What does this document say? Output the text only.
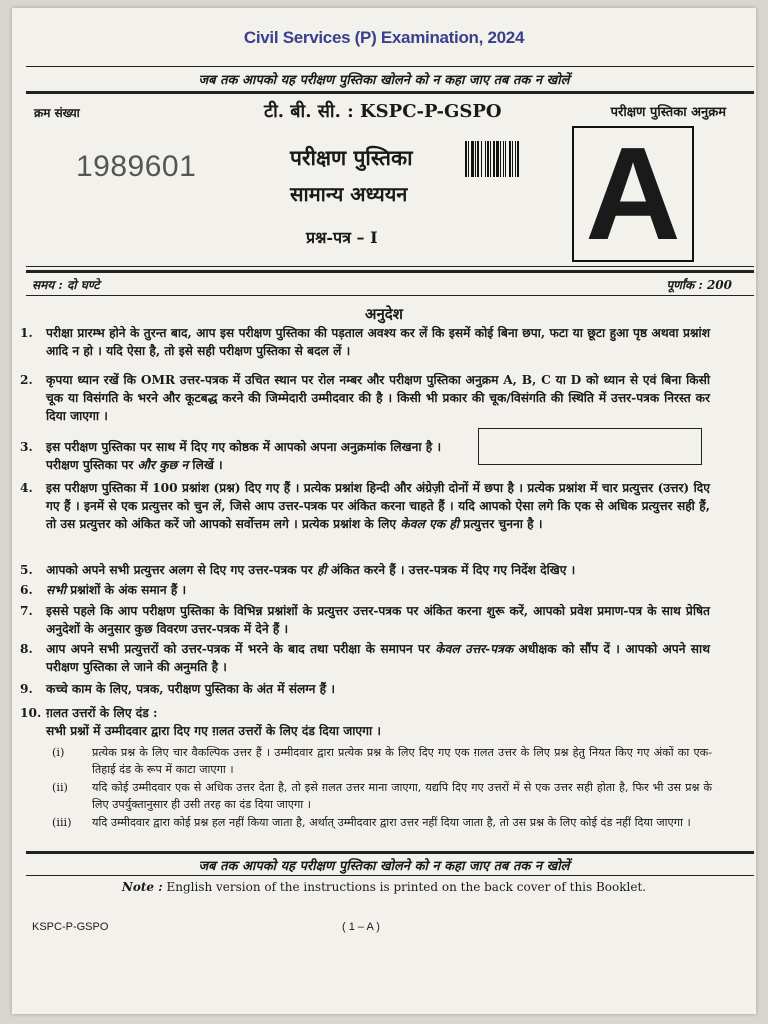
Civil Services (P) Examination, 2024
जब तक आपको यह परीक्षण पुस्तिका खोलने को न कहा जाए तब तक न खोलें
क्रम संख्या	टी. बी. सी. : KSPC-P-GSPO	परीक्षण पुस्तिका अनुक्रम
1989601	परीक्षण पुस्तिका
सामान्य अध्ययन
प्रश्न-पत्र – I A
समय : दो घण्टे	पूर्णांक : 200
अनुदेश
1.	परीक्षा प्रारम्भ होने के तुरन्त बाद, आप इस परीक्षण पुस्तिका की पड़ताल अवश्य कर लें कि इसमें कोई बिना छपा, फटा या छूटा हुआ पृष्ठ अथवा प्रश्नांश आदि न हो । यदि ऐसा है, तो इसे सही परीक्षण पुस्तिका से बदल लें ।
2.	कृपया ध्यान रखें कि OMR उत्तर-पत्रक में उचित स्थान पर रोल नम्बर और परीक्षण पुस्तिका अनुक्रम A, B, C या D को ध्यान से एवं बिना किसी चूक या विसंगति के भरने और कूटबद्ध करने की जिम्मेदारी उम्मीदवार की है । किसी भी प्रकार की चूक/विसंगति की स्थिति में उत्तर-पत्रक निरस्त कर दिया जाएगा ।
3.	इस परीक्षण पुस्तिका पर साथ में दिए गए कोष्ठक में आपको अपना अनुक्रमांक लिखना है । परीक्षण पुस्तिका पर और कुछ न लिखें ।
4.	इस परीक्षण पुस्तिका में 100 प्रश्नांश (प्रश्न) दिए गए हैं । प्रत्येक प्रश्नांश हिन्दी और अंग्रेज़ी दोनों में छपा है । प्रत्येक प्रश्नांश में चार प्रत्युत्तर (उत्तर) दिए गए हैं । इनमें से एक प्रत्युत्तर को चुन लें, जिसे आप उत्तर-पत्रक पर अंकित करना चाहते हैं । यदि आपको ऐसा लगे कि एक से अधिक प्रत्युत्तर सही हैं, तो उस प्रत्युत्तर को अंकित करें जो आपको सर्वोत्तम लगे । प्रत्येक प्रश्नांश के लिए केवल एक ही प्रत्युत्तर चुनना है ।
5.	आपको अपने सभी प्रत्युत्तर अलग से दिए गए उत्तर-पत्रक पर ही अंकित करने हैं । उत्तर-पत्रक में दिए गए निर्देश देखिए ।
6.	सभी प्रश्नांशों के अंक समान हैं ।
7.	इससे पहले कि आप परीक्षण पुस्तिका के विभिन्न प्रश्नांशों के प्रत्युत्तर उत्तर-पत्रक पर अंकित करना शुरू करें, आपको प्रवेश प्रमाण-पत्र के साथ प्रेषित अनुदेशों के अनुसार कुछ विवरण उत्तर-पत्रक में देने हैं ।
8.	आप अपने सभी प्रत्युत्तरों को उत्तर-पत्रक में भरने के बाद तथा परीक्षा के समापन पर केवल उत्तर-पत्रक अधीक्षक को सौंप दें । आपको अपने साथ परीक्षण पुस्तिका ले जाने की अनुमति है ।
9.	कच्चे काम के लिए, पत्रक, परीक्षण पुस्तिका के अंत में संलग्न हैं ।
10. ग़लत उत्तरों के लिए दंड :
सभी प्रश्नों में उम्मीदवार द्वारा दिए गए ग़लत उत्तरों के लिए दंड दिया जाएगा ।
(i)	प्रत्येक प्रश्न के लिए चार वैकल्पिक उत्तर हैं । उम्मीदवार द्वारा प्रत्येक प्रश्न के लिए दिए गए एक ग़लत उत्तर के लिए प्रश्न हेतु नियत किए गए अंकों का एक-तिहाई दंड के रूप में काटा जाएगा ।
(ii)	यदि कोई उम्मीदवार एक से अधिक उत्तर देता है, तो इसे ग़लत उत्तर माना जाएगा, यद्यपि दिए गए उत्तरों में से एक उत्तर सही होता है, फिर भी उस प्रश्न के लिए उपर्युक्तानुसार ही उसी तरह का दंड दिया जाएगा ।
(iii)	यदि उम्मीदवार द्वारा कोई प्रश्न हल नहीं किया जाता है, अर्थात् उम्मीदवार द्वारा उत्तर नहीं दिया जाता है, तो उस प्रश्न के लिए कोई दंड नहीं दिया जाएगा ।
जब तक आपको यह परीक्षण पुस्तिका खोलने को न कहा जाए तब तक न खोलें
Note : English version of the instructions is printed on the back cover of this Booklet.
KSPC-P-GSPO	( 1 – A )
